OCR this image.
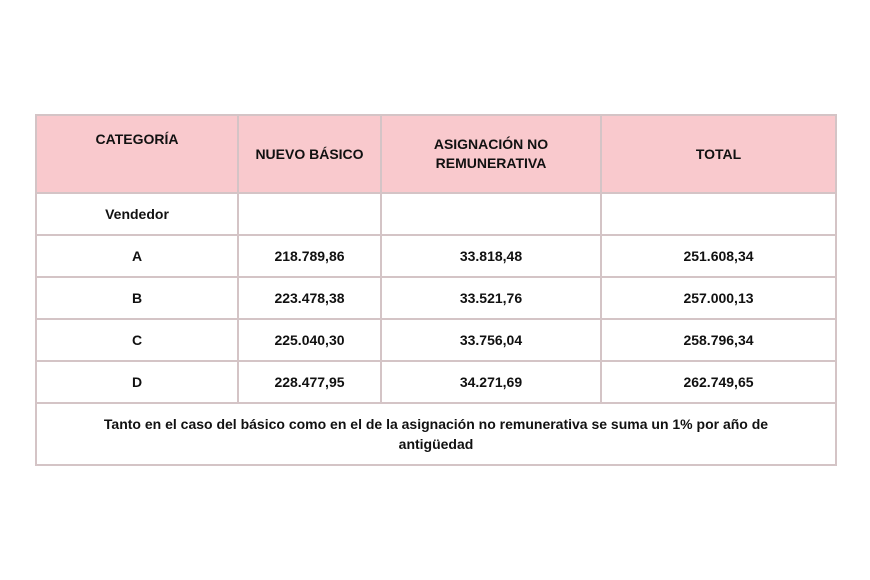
CATEGORÍA	NUEVO BÁSICO	ASIGNACIÓN NO REMUNERATIVA	TOTAL
Vendedor			
A	218.789,86	33.818,48	251.608,34
B	223.478,38	33.521,76	257.000,13
C	225.040,30	33.756,04	258.796,34
D	228.477,95	34.271,69	262.749,65
Tanto en el caso del básico como en el de la asignación no remunerativa se suma un 1% por año de antigüedad			
